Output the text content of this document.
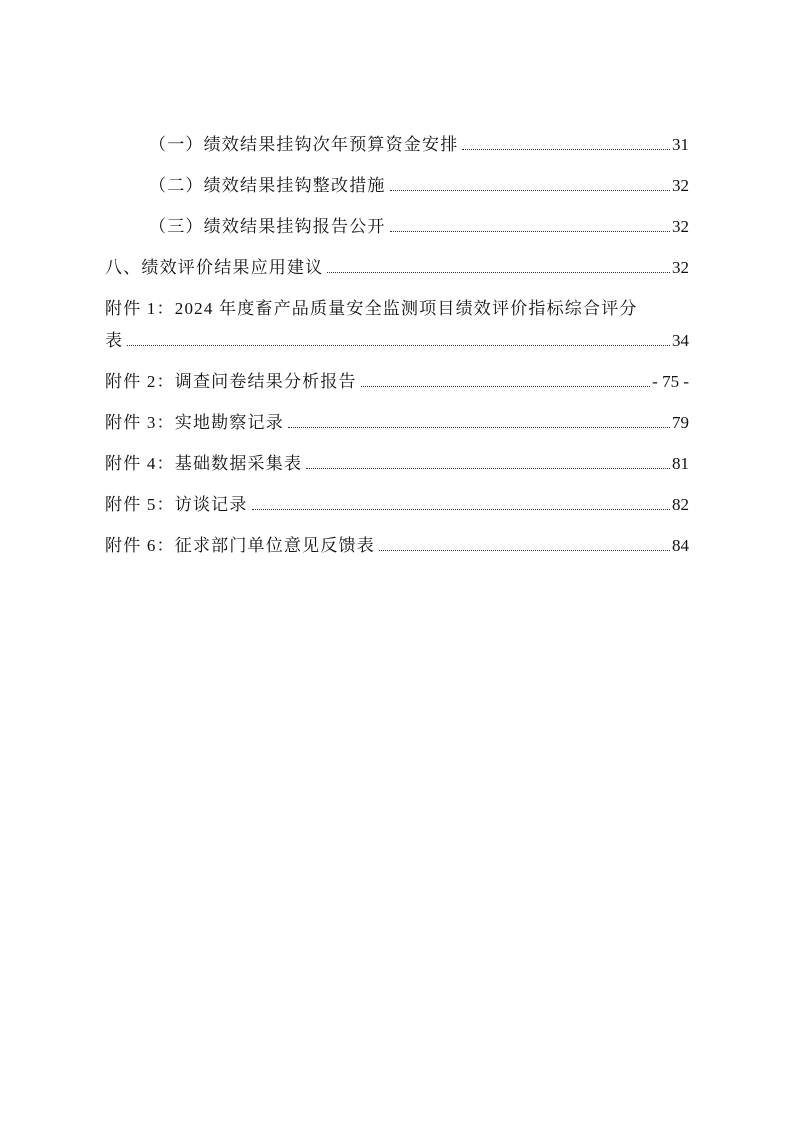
（一）绩效结果挂钩次年预算资金安排	31
（二）绩效结果挂钩整改措施	32
（三）绩效结果挂钩报告公开	32
八、绩效评价结果应用建议	32
附件 1：2024 年度畜产品质量安全监测项目绩效评价指标综合评分
表	34
附件 2：调查问卷结果分析报告	- 75 -
附件 3：实地勘察记录	79
附件 4：基础数据采集表	81
附件 5：访谈记录	82
附件 6：征求部门单位意见反馈表	84
